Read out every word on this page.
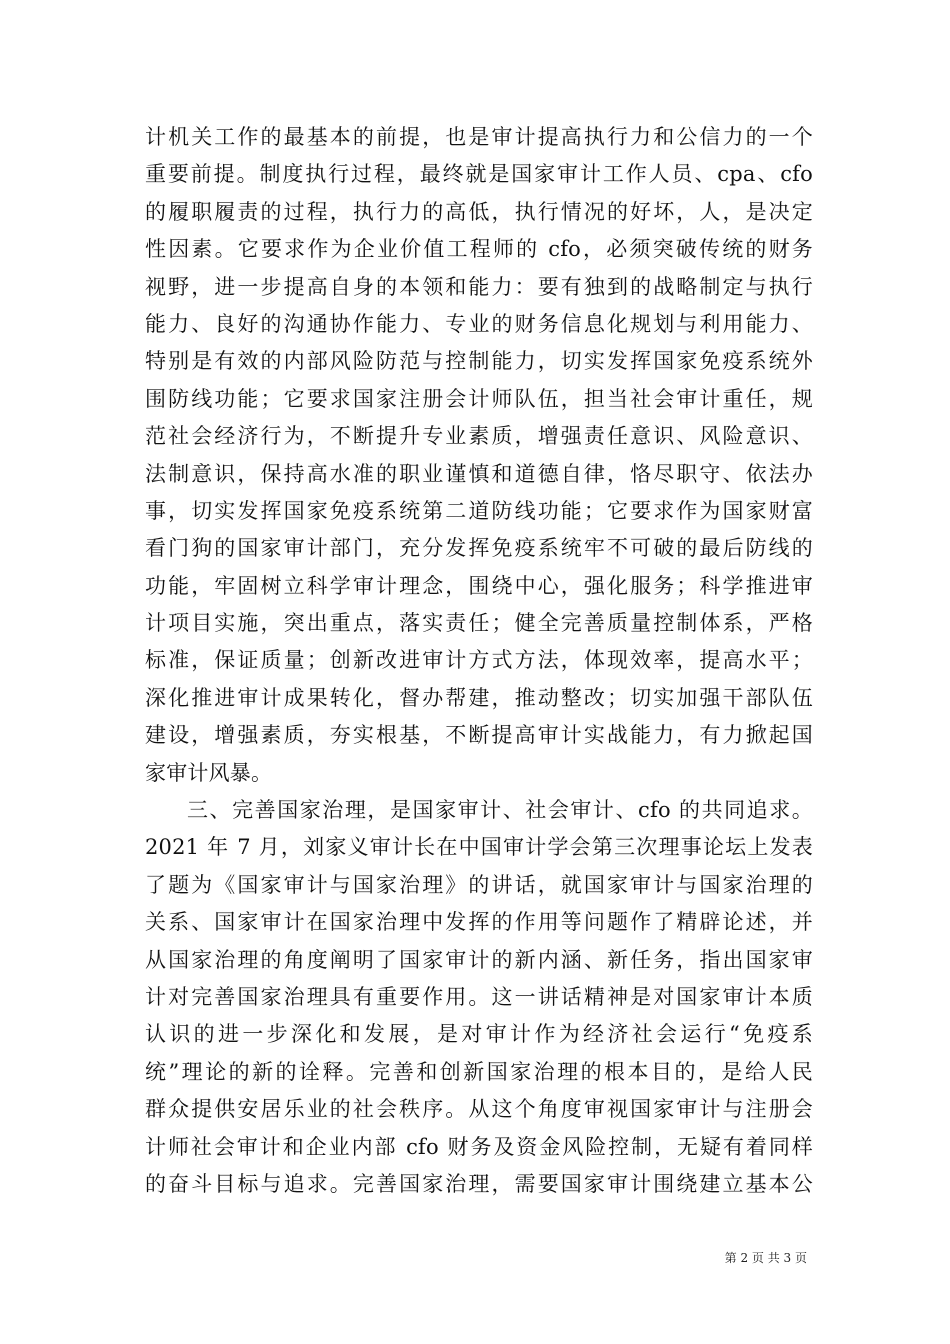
计机关工作的最基本的前提，也是审计提高执行力和公信力的一个
重要前提。制度执行过程，最终就是国家审计工作人员、cpa、cfo
的履职履责的过程，执行力的高低，执行情况的好坏，人，是决定
性因素。它要求作为企业价值工程师的 cfo，必须突破传统的财务
视野，进一步提高自身的本领和能力：要有独到的战略制定与执行
能力、良好的沟通协作能力、专业的财务信息化规划与利用能力、
特别是有效的内部风险防范与控制能力，切实发挥国家免疫系统外
围防线功能；它要求国家注册会计师队伍，担当社会审计重任，规
范社会经济行为，不断提升专业素质，增强责任意识、风险意识、
法制意识，保持高水准的职业谨慎和道德自律，恪尽职守、依法办
事，切实发挥国家免疫系统第二道防线功能；它要求作为国家财富
看门狗的国家审计部门，充分发挥免疫系统牢不可破的最后防线的
功能，牢固树立科学审计理念，围绕中心，强化服务；科学推进审
计项目实施，突出重点，落实责任；健全完善质量控制体系，严格
标准，保证质量；创新改进审计方式方法，体现效率，提高水平；
深化推进审计成果转化，督办帮建，推动整改；切实加强干部队伍
建设，增强素质，夯实根基，不断提高审计实战能力，有力掀起国
家审计风暴。
三、完善国家治理，是国家审计、社会审计、cfo 的共同追求。
2021 年 7 月，刘家义审计长在中国审计学会第三次理事论坛上发表
了题为《国家审计与国家治理》的讲话，就国家审计与国家治理的
关系、国家审计在国家治理中发挥的作用等问题作了精辟论述，并
从国家治理的角度阐明了国家审计的新内涵、新任务，指出国家审
计对完善国家治理具有重要作用。这一讲话精神是对国家审计本质
认识的进一步深化和发展，是对审计作为经济社会运行“免疫系
统”理论的新的诠释。完善和创新国家治理的根本目的，是给人民
群众提供安居乐业的社会秩序。从这个角度审视国家审计与注册会
计师社会审计和企业内部 cfo 财务及资金风险控制，无疑有着同样
的奋斗目标与追求。完善国家治理，需要国家审计围绕建立基本公
第 2 页 共 3 页
